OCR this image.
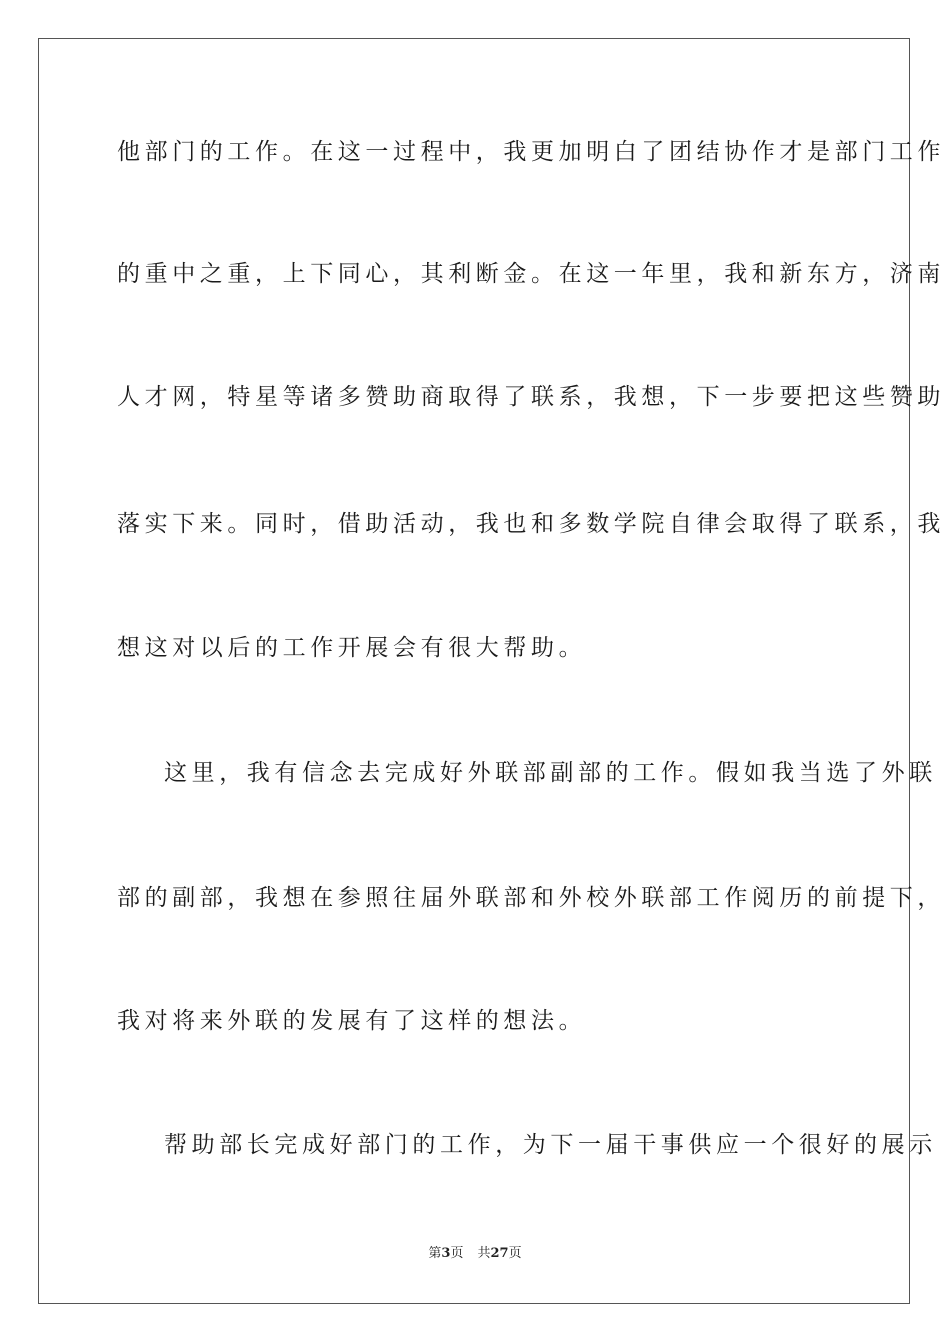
他部门的工作。在这一过程中，我更加明白了团结协作才是部门工作
的重中之重，上下同心，其利断金。在这一年里，我和新东方，济南
人才网，特星等诸多赞助商取得了联系，我想，下一步要把这些赞助
落实下来。同时，借助活动，我也和多数学院自律会取得了联系，我
想这对以后的工作开展会有很大帮助。
这里，我有信念去完成好外联部副部的工作。假如我当选了外联
部的副部，我想在参照往届外联部和外校外联部工作阅历的前提下，
我对将来外联的发展有了这样的想法。
帮助部长完成好部门的工作，为下一届干事供应一个很好的展示
第3页 共27页
